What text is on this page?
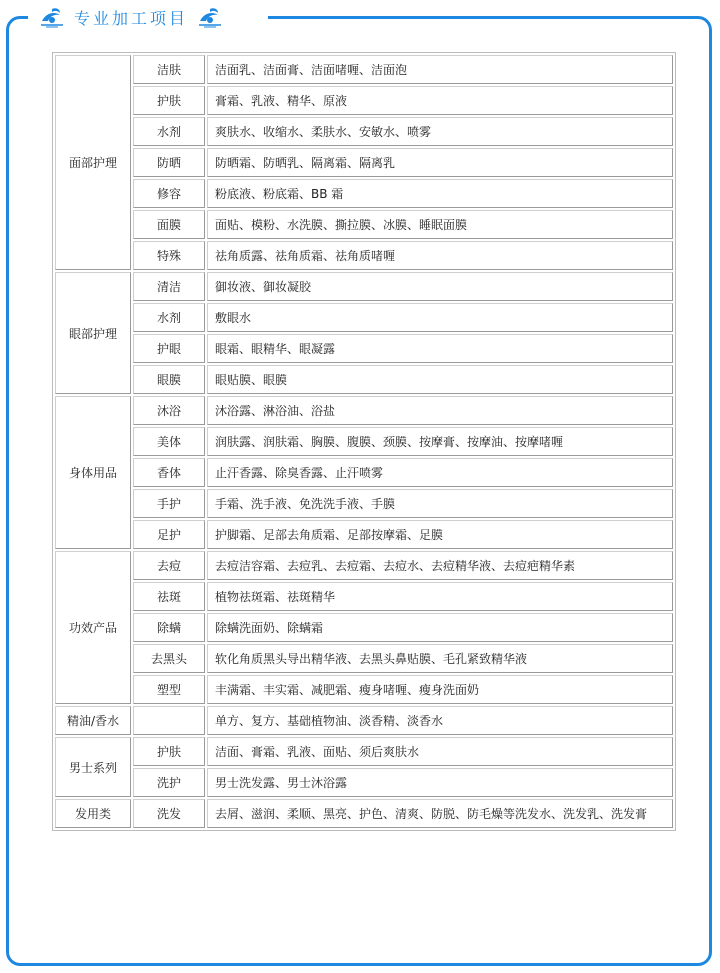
专业加工项目
面部护理	洁肤	洁面乳、洁面膏、洁面啫喱、洁面泡
	护肤	膏霜、乳液、精华、原液
	水剂	爽肤水、收缩水、柔肤水、安敏水、喷雾
	防晒	防晒霜、防晒乳、隔离霜、隔离乳
	修容	粉底液、粉底霜、BB 霜
	面膜	面贴、模粉、水洗膜、撕拉膜、冰膜、睡眠面膜
	特殊	祛角质露、祛角质霜、祛角质啫喱
眼部护理	清洁	御妆液、御妆凝胶
	水剂	敷眼水
	护眼	眼霜、眼精华、眼凝露
	眼膜	眼贴膜、眼膜
身体用品	沐浴	沐浴露、淋浴油、浴盐
	美体	润肤露、润肤霜、胸膜、腹膜、颈膜、按摩膏、按摩油、按摩啫喱
	香体	止汗香露、除臭香露、止汗喷雾
	手护	手霜、洗手液、免洗洗手液、手膜
	足护	护脚霜、足部去角质霜、足部按摩霜、足膜
功效产品	去痘	去痘洁容霜、去痘乳、去痘霜、去痘水、去痘精华液、去痘疤精华素
	祛斑	植物祛斑霜、祛斑精华
	除螨	除螨洗面奶、除螨霜
	去黑头	软化角质黑头导出精华液、去黑头鼻贴膜、毛孔紧致精华液
	塑型	丰满霜、丰实霜、减肥霜、瘦身啫喱、瘦身洗面奶
精油/香水		单方、复方、基础植物油、淡香精、淡香水
男士系列	护肤	洁面、膏霜、乳液、面贴、须后爽肤水
	洗护	男士洗发露、男士沐浴露
发用类	洗发	去屑、滋润、柔顺、黑亮、护色、清爽、防脱、防毛燥等洗发水、洗发乳、洗发膏
